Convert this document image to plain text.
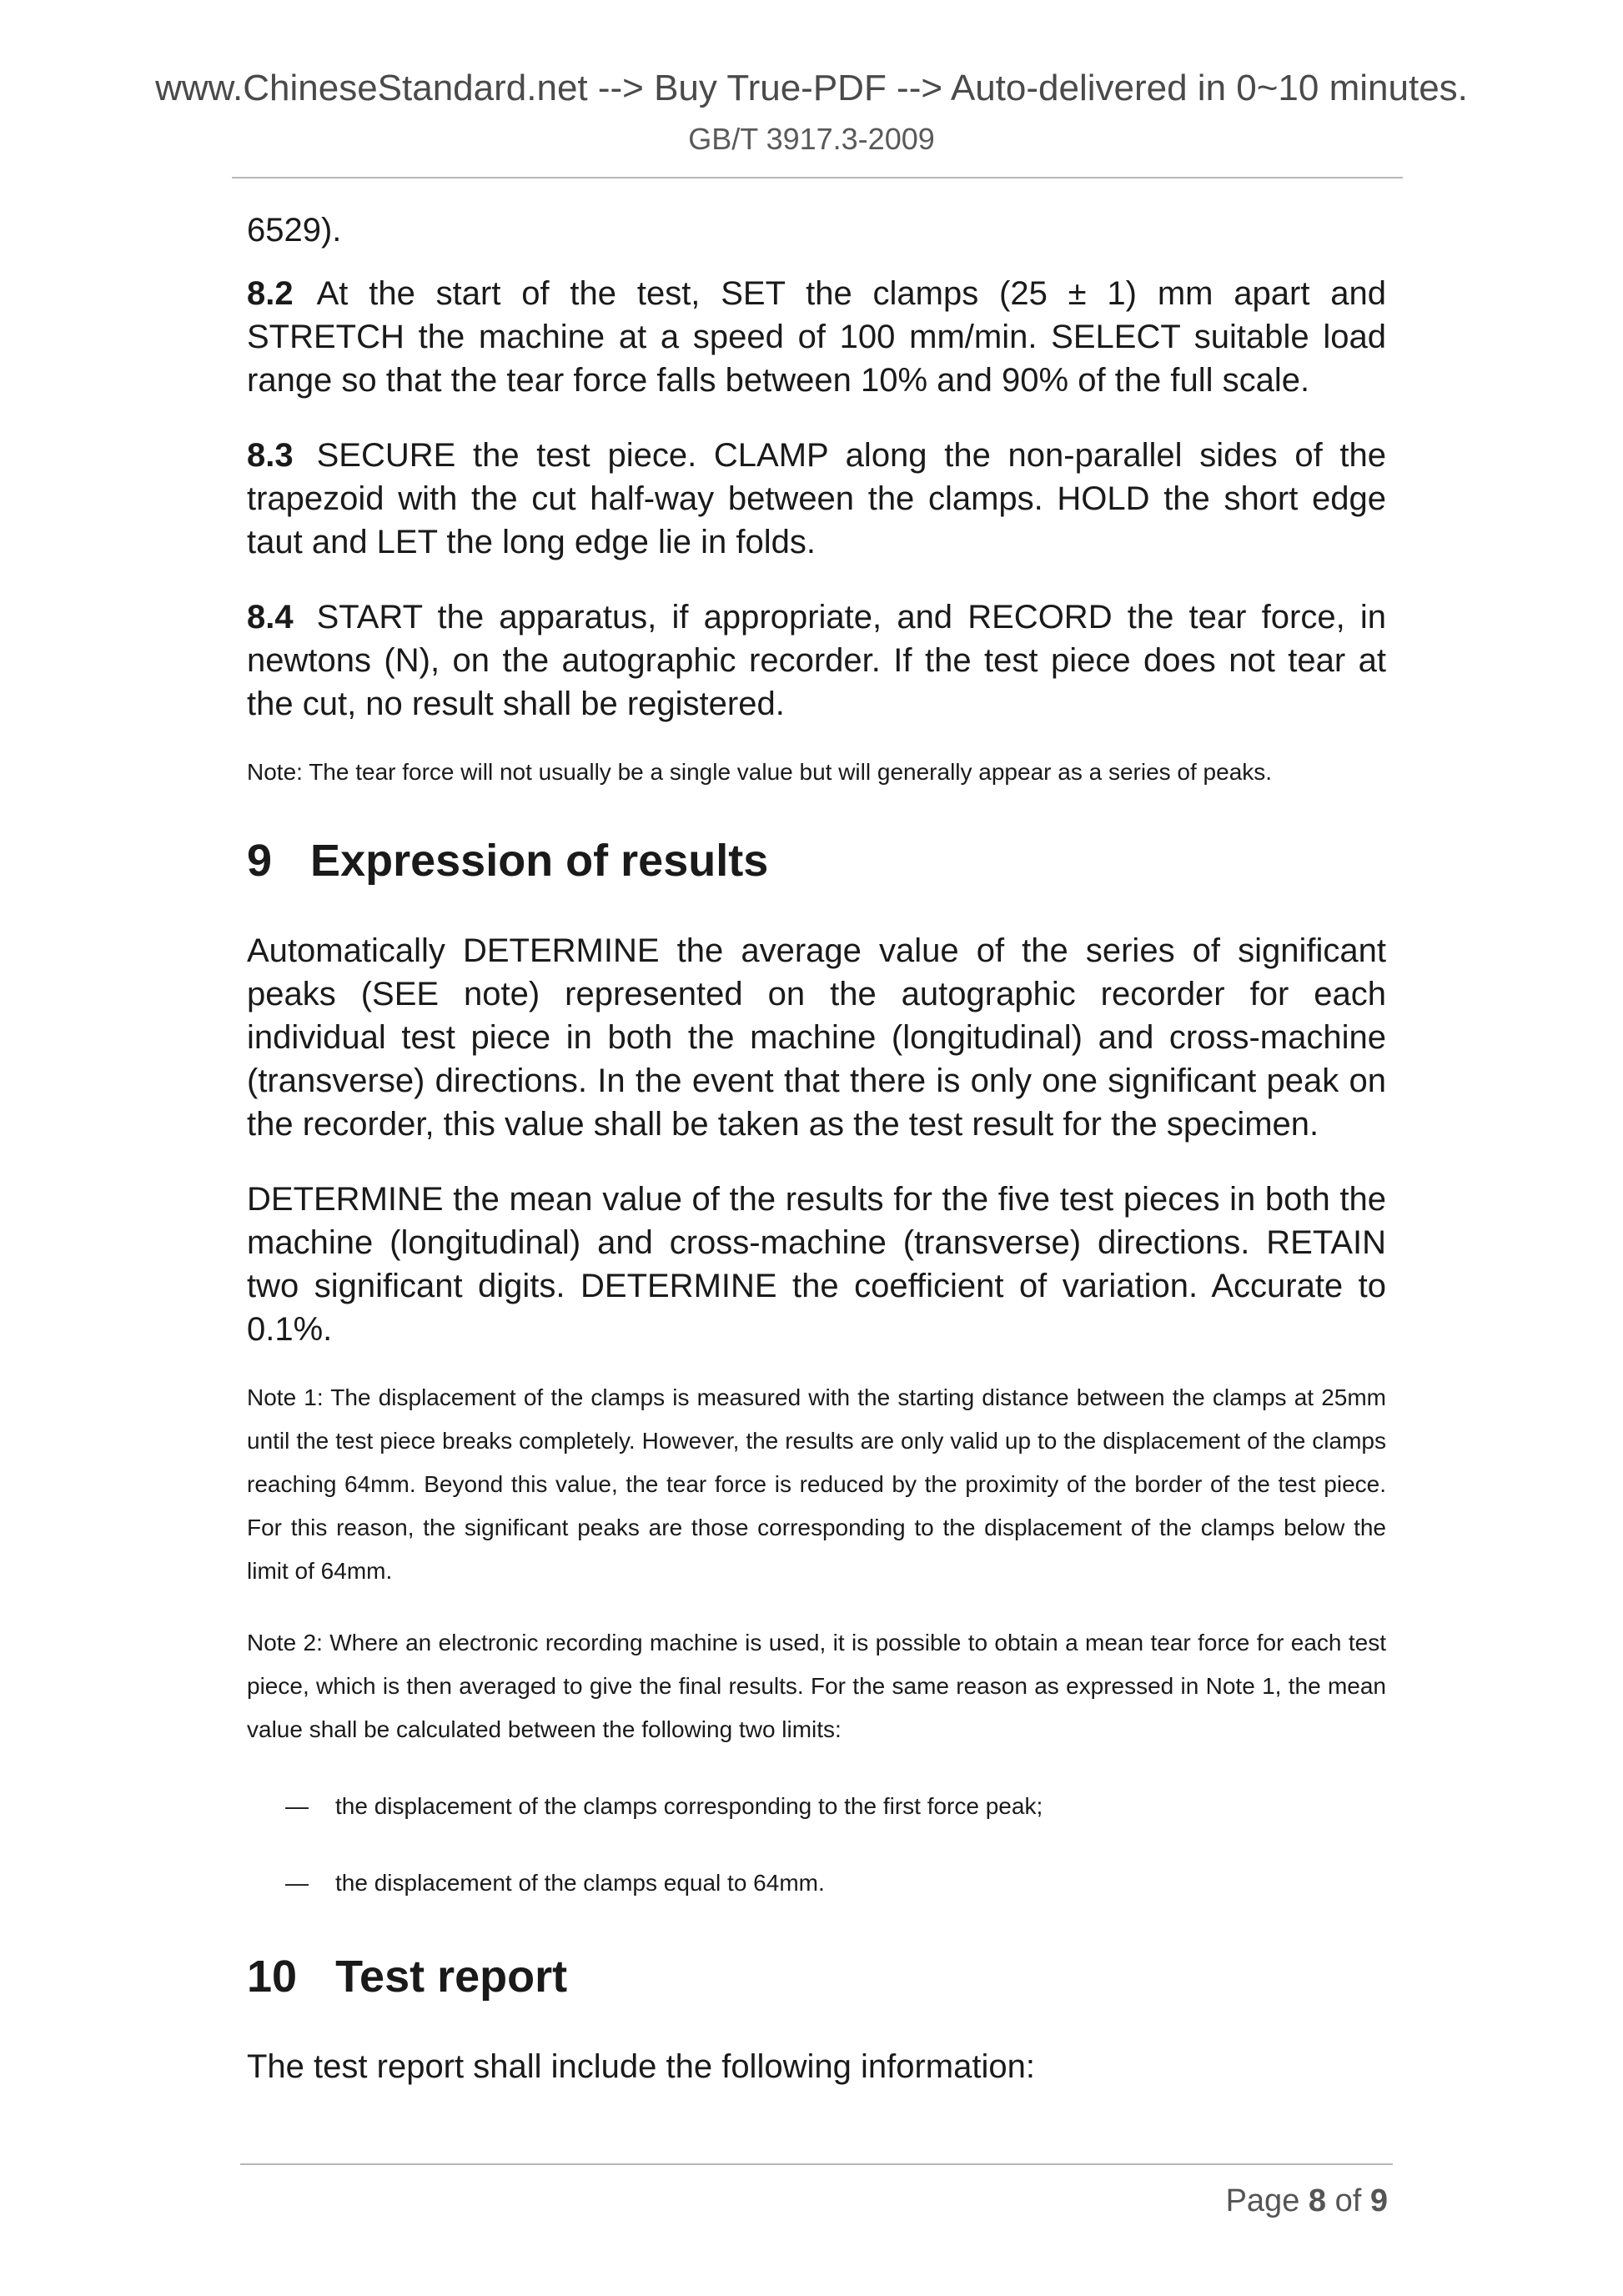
www.ChineseStandard.net --> Buy True-PDF --> Auto-delivered in 0~10 minutes.
GB/T 3917.3-2009

6529).

8.2 At the start of the test, SET the clamps (25 ± 1) mm apart and STRETCH the machine at a speed of 100 mm/min. SELECT suitable load range so that the tear force falls between 10% and 90% of the full scale.

8.3 SECURE the test piece. CLAMP along the non-parallel sides of the trapezoid with the cut half-way between the clamps. HOLD the short edge taut and LET the long edge lie in folds.

8.4 START the apparatus, if appropriate, and RECORD the tear force, in newtons (N), on the autographic recorder. If the test piece does not tear at the cut, no result shall be registered.

Note: The tear force will not usually be a single value but will generally appear as a series of peaks.

9 Expression of results

Automatically DETERMINE the average value of the series of significant peaks (SEE note) represented on the autographic recorder for each individual test piece in both the machine (longitudinal) and cross-machine (transverse) directions. In the event that there is only one significant peak on the recorder, this value shall be taken as the test result for the specimen.

DETERMINE the mean value of the results for the five test pieces in both the machine (longitudinal) and cross-machine (transverse) directions. RETAIN two significant digits. DETERMINE the coefficient of variation. Accurate to 0.1%.

Note 1: The displacement of the clamps is measured with the starting distance between the clamps at 25mm until the test piece breaks completely. However, the results are only valid up to the displacement of the clamps reaching 64mm. Beyond this value, the tear force is reduced by the proximity of the border of the test piece. For this reason, the significant peaks are those corresponding to the displacement of the clamps below the limit of 64mm.

Note 2: Where an electronic recording machine is used, it is possible to obtain a mean tear force for each test piece, which is then averaged to give the final results. For the same reason as expressed in Note 1, the mean value shall be calculated between the following two limits:

— the displacement of the clamps corresponding to the first force peak;

— the displacement of the clamps equal to 64mm.

10 Test report

The test report shall include the following information:

Page 8 of 9
